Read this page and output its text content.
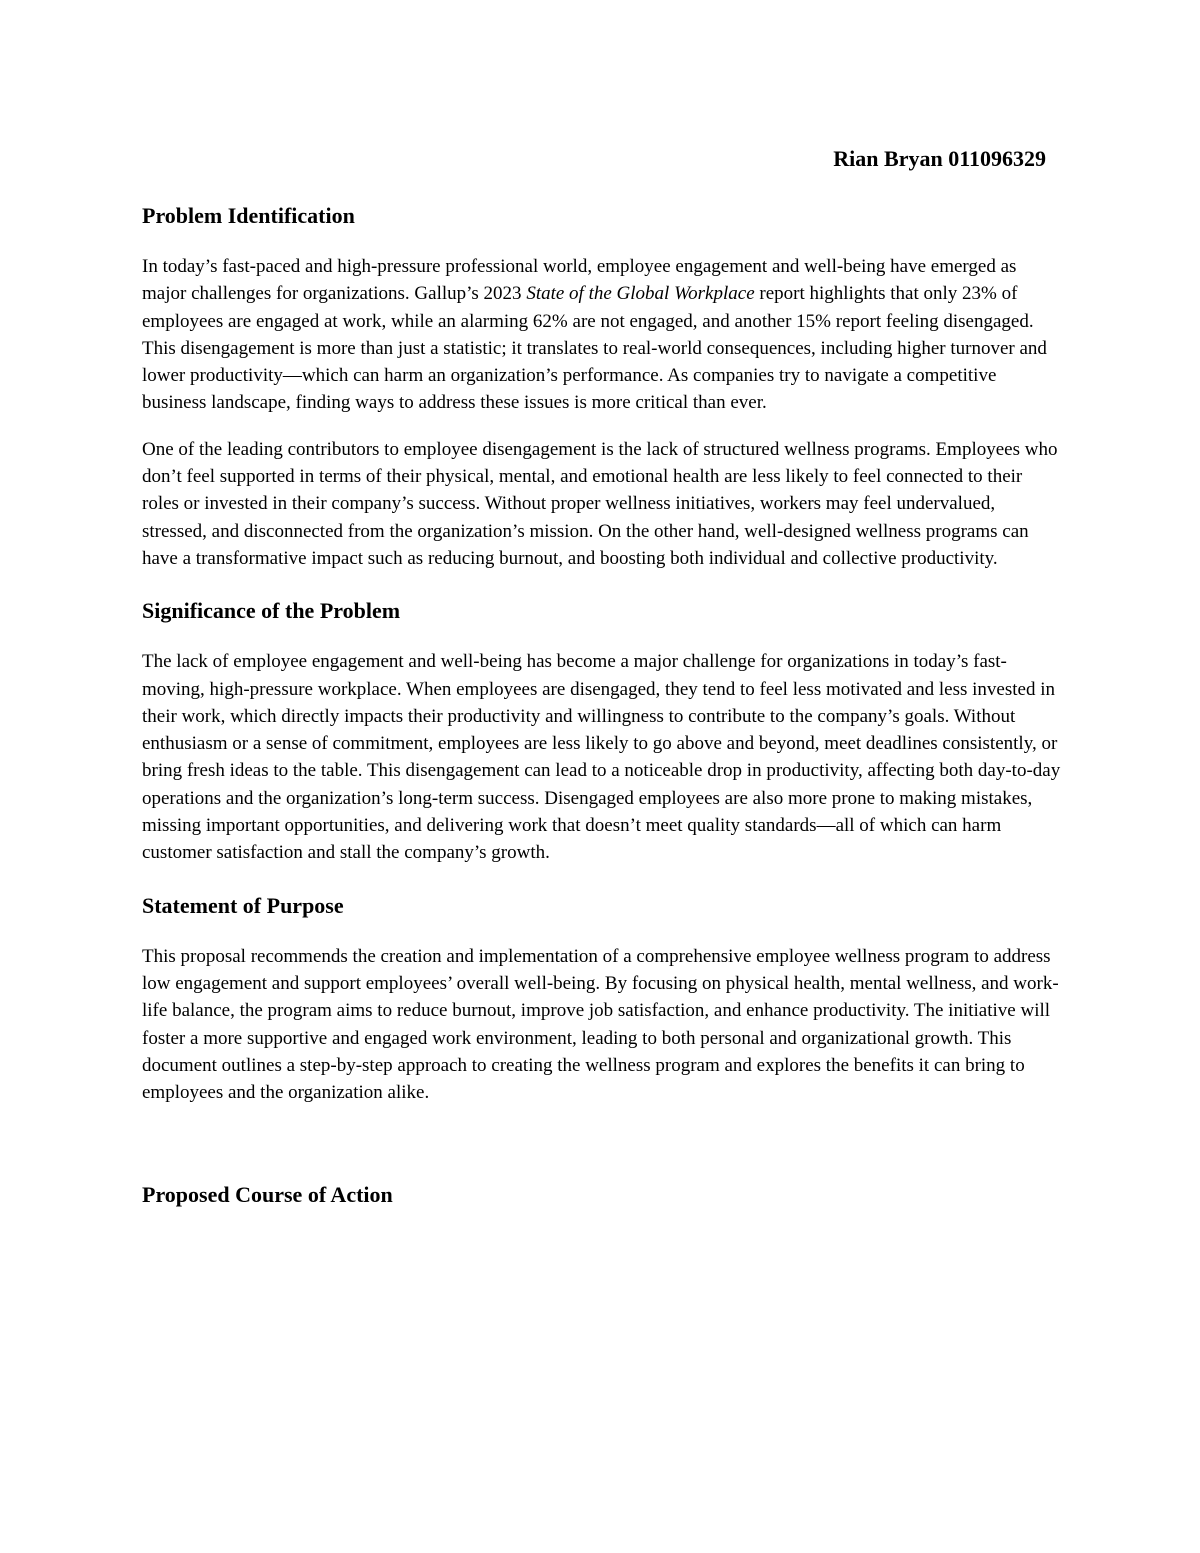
Rian Bryan 011096329
Problem Identification

In today’s fast-paced and high-pressure professional world, employee engagement and well-being have emerged as major challenges for organizations. Gallup’s 2023 State of the Global Workplace report highlights that only 23% of employees are engaged at work, while an alarming 62% are not engaged, and another 15% report feeling disengaged. This disengagement is more than just a statistic; it translates to real-world consequences, including higher turnover and lower productivity—which can harm an organization’s performance. As companies try to navigate a competitive business landscape, finding ways to address these issues is more critical than ever.

One of the leading contributors to employee disengagement is the lack of structured wellness programs. Employees who don’t feel supported in terms of their physical, mental, and emotional health are less likely to feel connected to their roles or invested in their company’s success. Without proper wellness initiatives, workers may feel undervalued, stressed, and disconnected from the organization’s mission. On the other hand, well-designed wellness programs can have a transformative impact such as reducing burnout, and boosting both individual and collective productivity.

Significance of the Problem

The lack of employee engagement and well-being has become a major challenge for organizations in today’s fast-moving, high-pressure workplace. When employees are disengaged, they tend to feel less motivated and less invested in their work, which directly impacts their productivity and willingness to contribute to the company’s goals. Without enthusiasm or a sense of commitment, employees are less likely to go above and beyond, meet deadlines consistently, or bring fresh ideas to the table. This disengagement can lead to a noticeable drop in productivity, affecting both day-to-day operations and the organization’s long-term success. Disengaged employees are also more prone to making mistakes, missing important opportunities, and delivering work that doesn’t meet quality standards—all of which can harm customer satisfaction and stall the company’s growth.

Statement of Purpose

This proposal recommends the creation and implementation of a comprehensive employee wellness program to address low engagement and support employees’ overall well-being. By focusing on physical health, mental wellness, and work-life balance, the program aims to reduce burnout, improve job satisfaction, and enhance productivity. The initiative will foster a more supportive and engaged work environment, leading to both personal and organizational growth. This document outlines a step-by-step approach to creating the wellness program and explores the benefits it can bring to employees and the organization alike.

Proposed Course of Action
